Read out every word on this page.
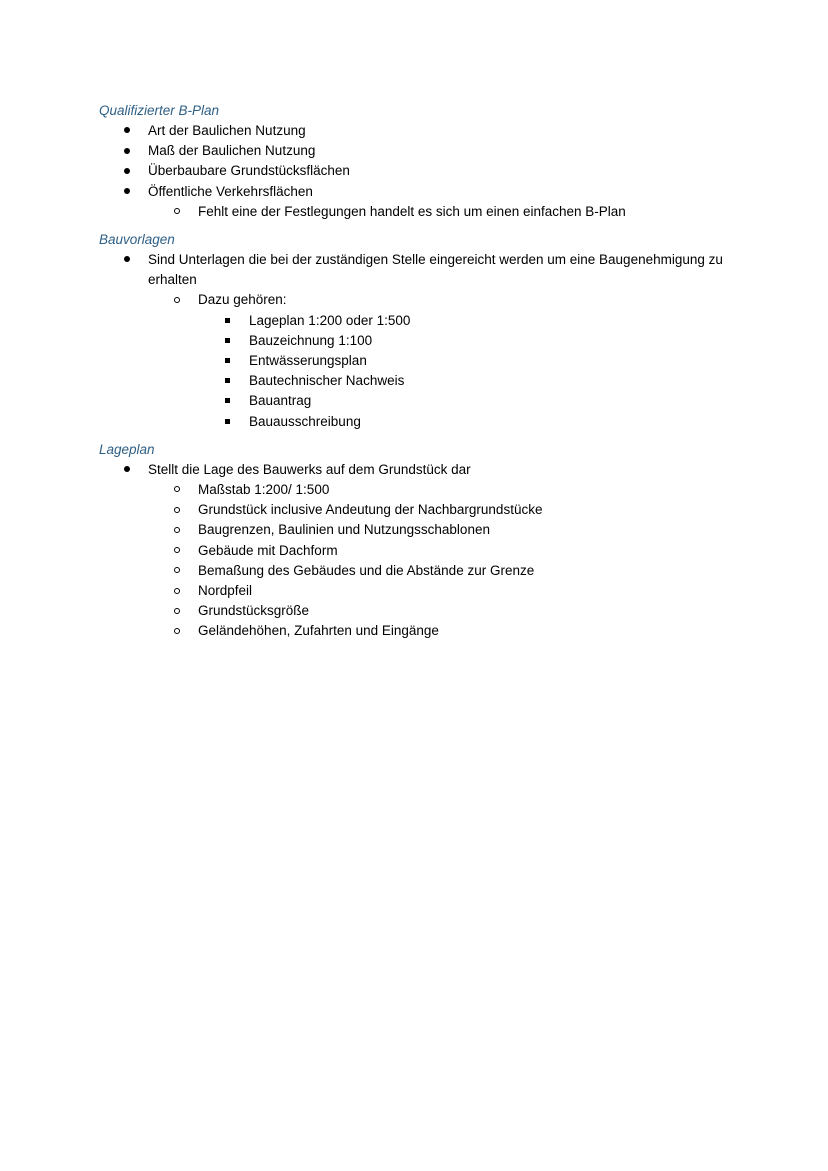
Qualifizierter B-Plan
Art der Baulichen Nutzung
Maß der Baulichen Nutzung
Überbaubare Grundstücksflächen
Öffentliche Verkehrsflächen
Fehlt eine der Festlegungen handelt es sich um einen einfachen B-Plan
Bauvorlagen
Sind Unterlagen die bei der zuständigen Stelle eingereicht werden um eine Baugenehmigung zu erhalten
Dazu gehören:
Lageplan 1:200 oder 1:500
Bauzeichnung 1:100
Entwässerungsplan
Bautechnischer Nachweis
Bauantrag
Bauausschreibung
Lageplan
Stellt die Lage des Bauwerks auf dem Grundstück dar
Maßstab 1:200/ 1:500
Grundstück inclusive Andeutung der Nachbargrundstücke
Baugrenzen, Baulinien und Nutzungsschablonen
Gebäude mit Dachform
Bemaßung des Gebäudes und die Abstände zur Grenze
Nordpfeil
Grundstücksgröße
Geländehöhen, Zufahrten und Eingänge
